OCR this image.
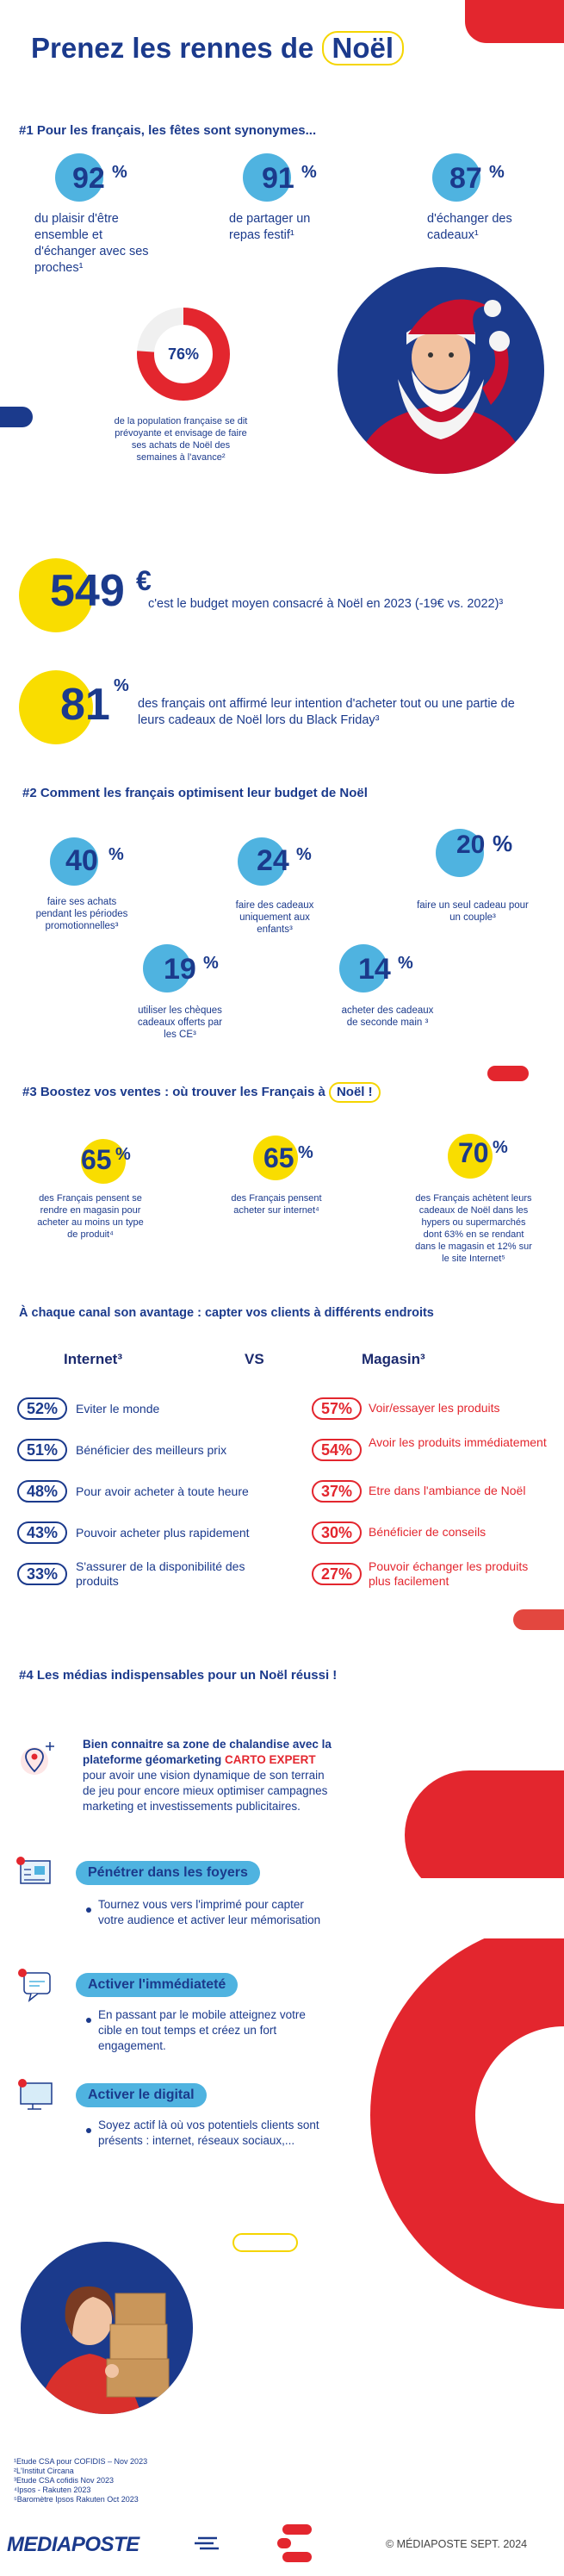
Prenez les rennes de Noël
#1 Pour les français, les fêtes sont synonymes...
92 %
du plaisir d'être ensemble et d'échanger avec ses proches¹
91 %
de partager un repas festif¹
87 %
d'échanger des cadeaux¹
76%
de la population française se dit prévoyante et envisage de faire ses achats de Noël des semaines à l'avance²
549 €
c'est le budget moyen consacré à Noël en 2023 (-19€ vs. 2022)³
81 %
des français ont affirmé leur intention d'acheter tout ou une partie de leurs cadeaux de Noël lors du Black Friday³
#2 Comment les français optimisent leur budget de Noël
40 %
faire ses achats pendant les périodes promotionnelles³
24 %
faire des cadeaux uniquement aux enfants³
20 %
faire un seul cadeau pour un couple³
19 %
utiliser les chèques cadeaux offerts par les CE³
14 %
acheter des cadeaux de seconde main ³
#3 Boostez vos ventes : où trouver les Français à Noël !
65 %
des Français pensent se rendre en magasin pour acheter au moins un type de produit⁴
65 %
des Français pensent acheter sur internet⁴
70 %
des Français achètent leurs cadeaux de Noël dans les hypers ou supermarchés dont 63% en se rendant dans le magasin et 12% sur le site Internet⁵
À chaque canal son avantage : capter vos clients à différents endroits
Internet³	VS	Magasin³
52%	Eviter le monde	57%	Voir/essayer les produits
51%	Bénéficier des meilleurs prix	54%	Avoir les produits immédiatement
48%	Pour avoir acheter à toute heure	37%	Etre dans l'ambiance de Noël
43%	Pouvoir acheter plus rapidement	30%	Bénéficier de conseils
33%	S'assurer de la disponibilité des produits	27%	Pouvoir échanger les produits plus facilement
#4 Les médias indispensables pour un Noël réussi !
Bien connaitre sa zone de chalandise avec la plateforme géomarketing CARTO EXPERT pour avoir une vision dynamique de son terrain de jeu pour encore mieux optimiser campagnes marketing et investissements publicitaires.
Pénétrer dans les foyers
Tournez vous vers l'imprimé pour capter votre audience et activer leur mémorisation
Activer l'immédiateté
En passant par le mobile atteignez votre cible en tout temps et créez un fort engagement.
Activer le digital
Soyez actif là où vos potentiels clients sont présents : internet, réseaux sociaux,...
¹Etude CSA pour COFIDIS – Nov 2023
²L'Institut Circana
³Etude CSA cofidis Nov 2023
⁴Ipsos - Rakuten 2023
⁵Baromètre Ipsos Rakuten Oct 2023
MEDIAPOSTE	© MÉDIAPOSTE SEPT. 2024
